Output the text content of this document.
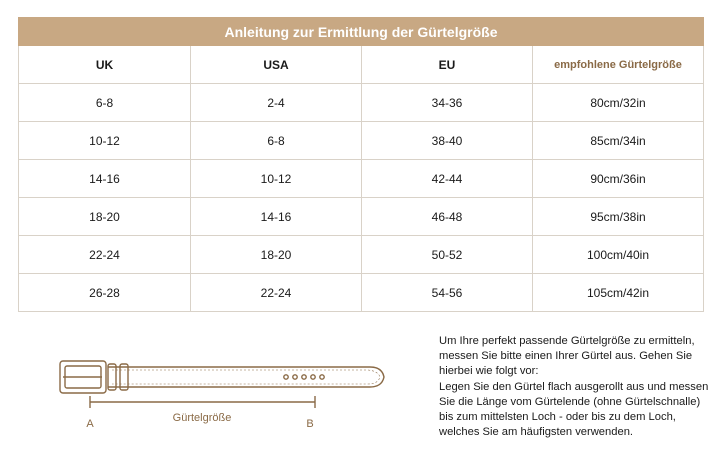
Anleitung zur Ermittlung der Gürtelgröße			
UK	USA	EU	empfohlene Gürtelgröße
6-8	2-4	34-36	80cm/32in
10-12	6-8	38-40	85cm/34in
14-16	10-12	42-44	90cm/36in
18-20	14-16	46-48	95cm/38in
22-24	18-20	50-52	100cm/40in
26-28	22-24	54-56	105cm/42in
A	Gürtelgröße	B

Um Ihre perfekt passende Gürtelgröße zu ermitteln, messen Sie bitte einen Ihrer Gürtel aus. Gehen Sie hierbei wie folgt vor:

Legen Sie den Gürtel flach ausgerollt aus und messen Sie die Länge vom Gürtelende (ohne Gürtelschnalle) bis zum mittelsten Loch - oder bis zu dem Loch, welches Sie am häufigsten verwenden.
